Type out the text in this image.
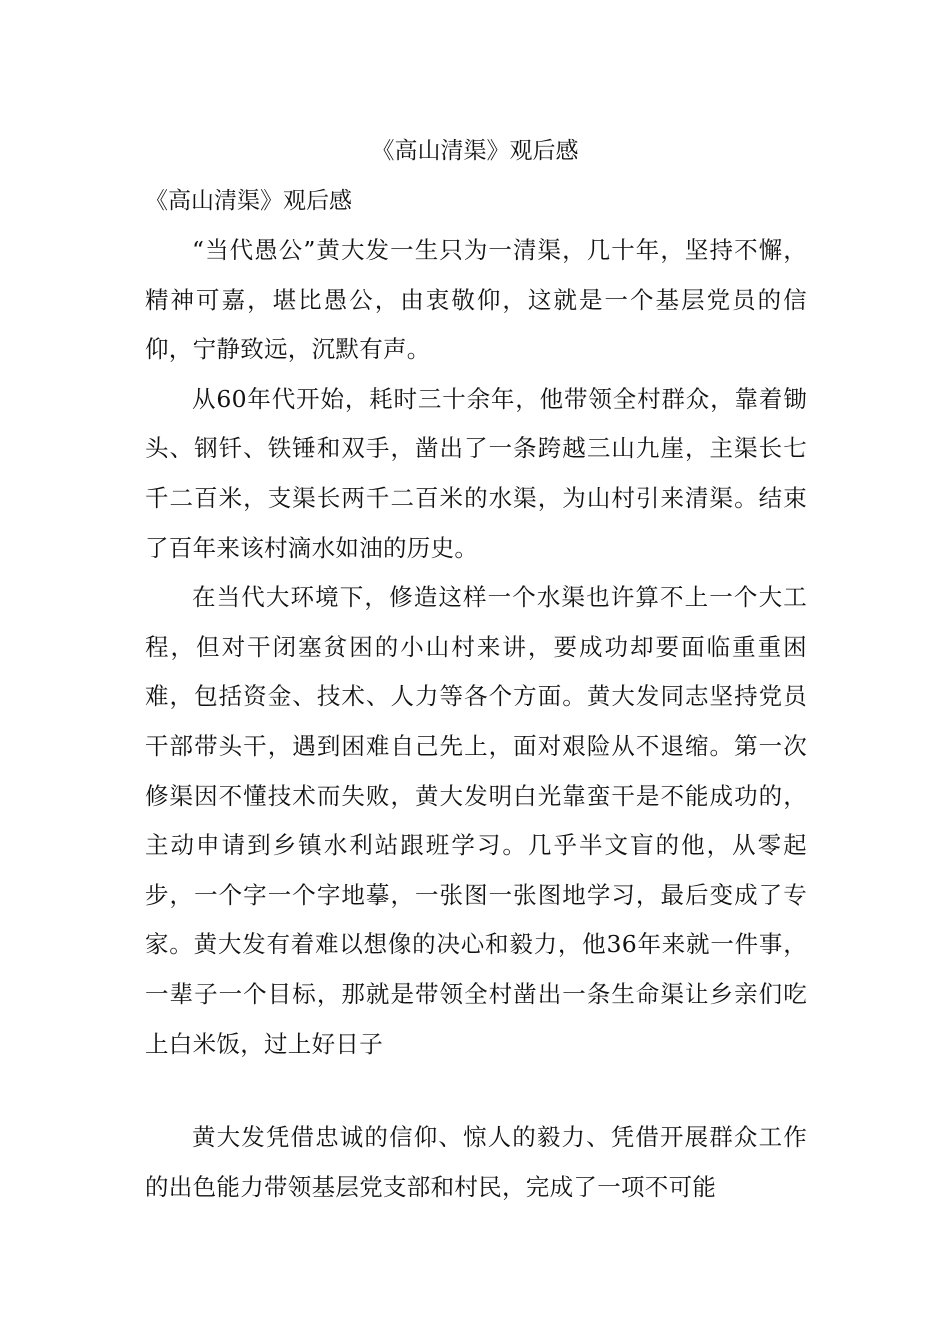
《高山清渠》观后感

《高山清渠》观后感

“当代愚公”黄大发一生只为一清渠，几十年，坚持不懈，精神可嘉，堪比愚公，由衷敬仰，这就是一个基层党员的信仰，宁静致远，沉默有声。

从60年代开始，耗时三十余年，他带领全村群众，靠着锄头、钢钎、铁锤和双手，凿出了一条跨越三山九崖，主渠长七千二百米，支渠长两千二百米的水渠，为山村引来清渠。结束了百年来该村滴水如油的历史。

在当代大环境下，修造这样一个水渠也许算不上一个大工程，但对干闭塞贫困的小山村来讲，要成功却要面临重重困难，包括资金、技术、人力等各个方面。黄大发同志坚持党员干部带头干，遇到困难自己先上，面对艰险从不退缩。第一次修渠因不懂技术而失败，黄大发明白光靠蛮干是不能成功的，主动申请到乡镇水利站跟班学习。几乎半文盲的他，从零起步，一个字一个字地摹，一张图一张图地学习，最后变成了专家。黄大发有着难以想像的决心和毅力，他36年来就一件事，一辈子一个目标，那就是带领全村凿出一条生命渠让乡亲们吃上白米饭，过上好日子

黄大发凭借忠诚的信仰、惊人的毅力、凭借开展群众工作的出色能力带领基层党支部和村民，完成了一项不可能
